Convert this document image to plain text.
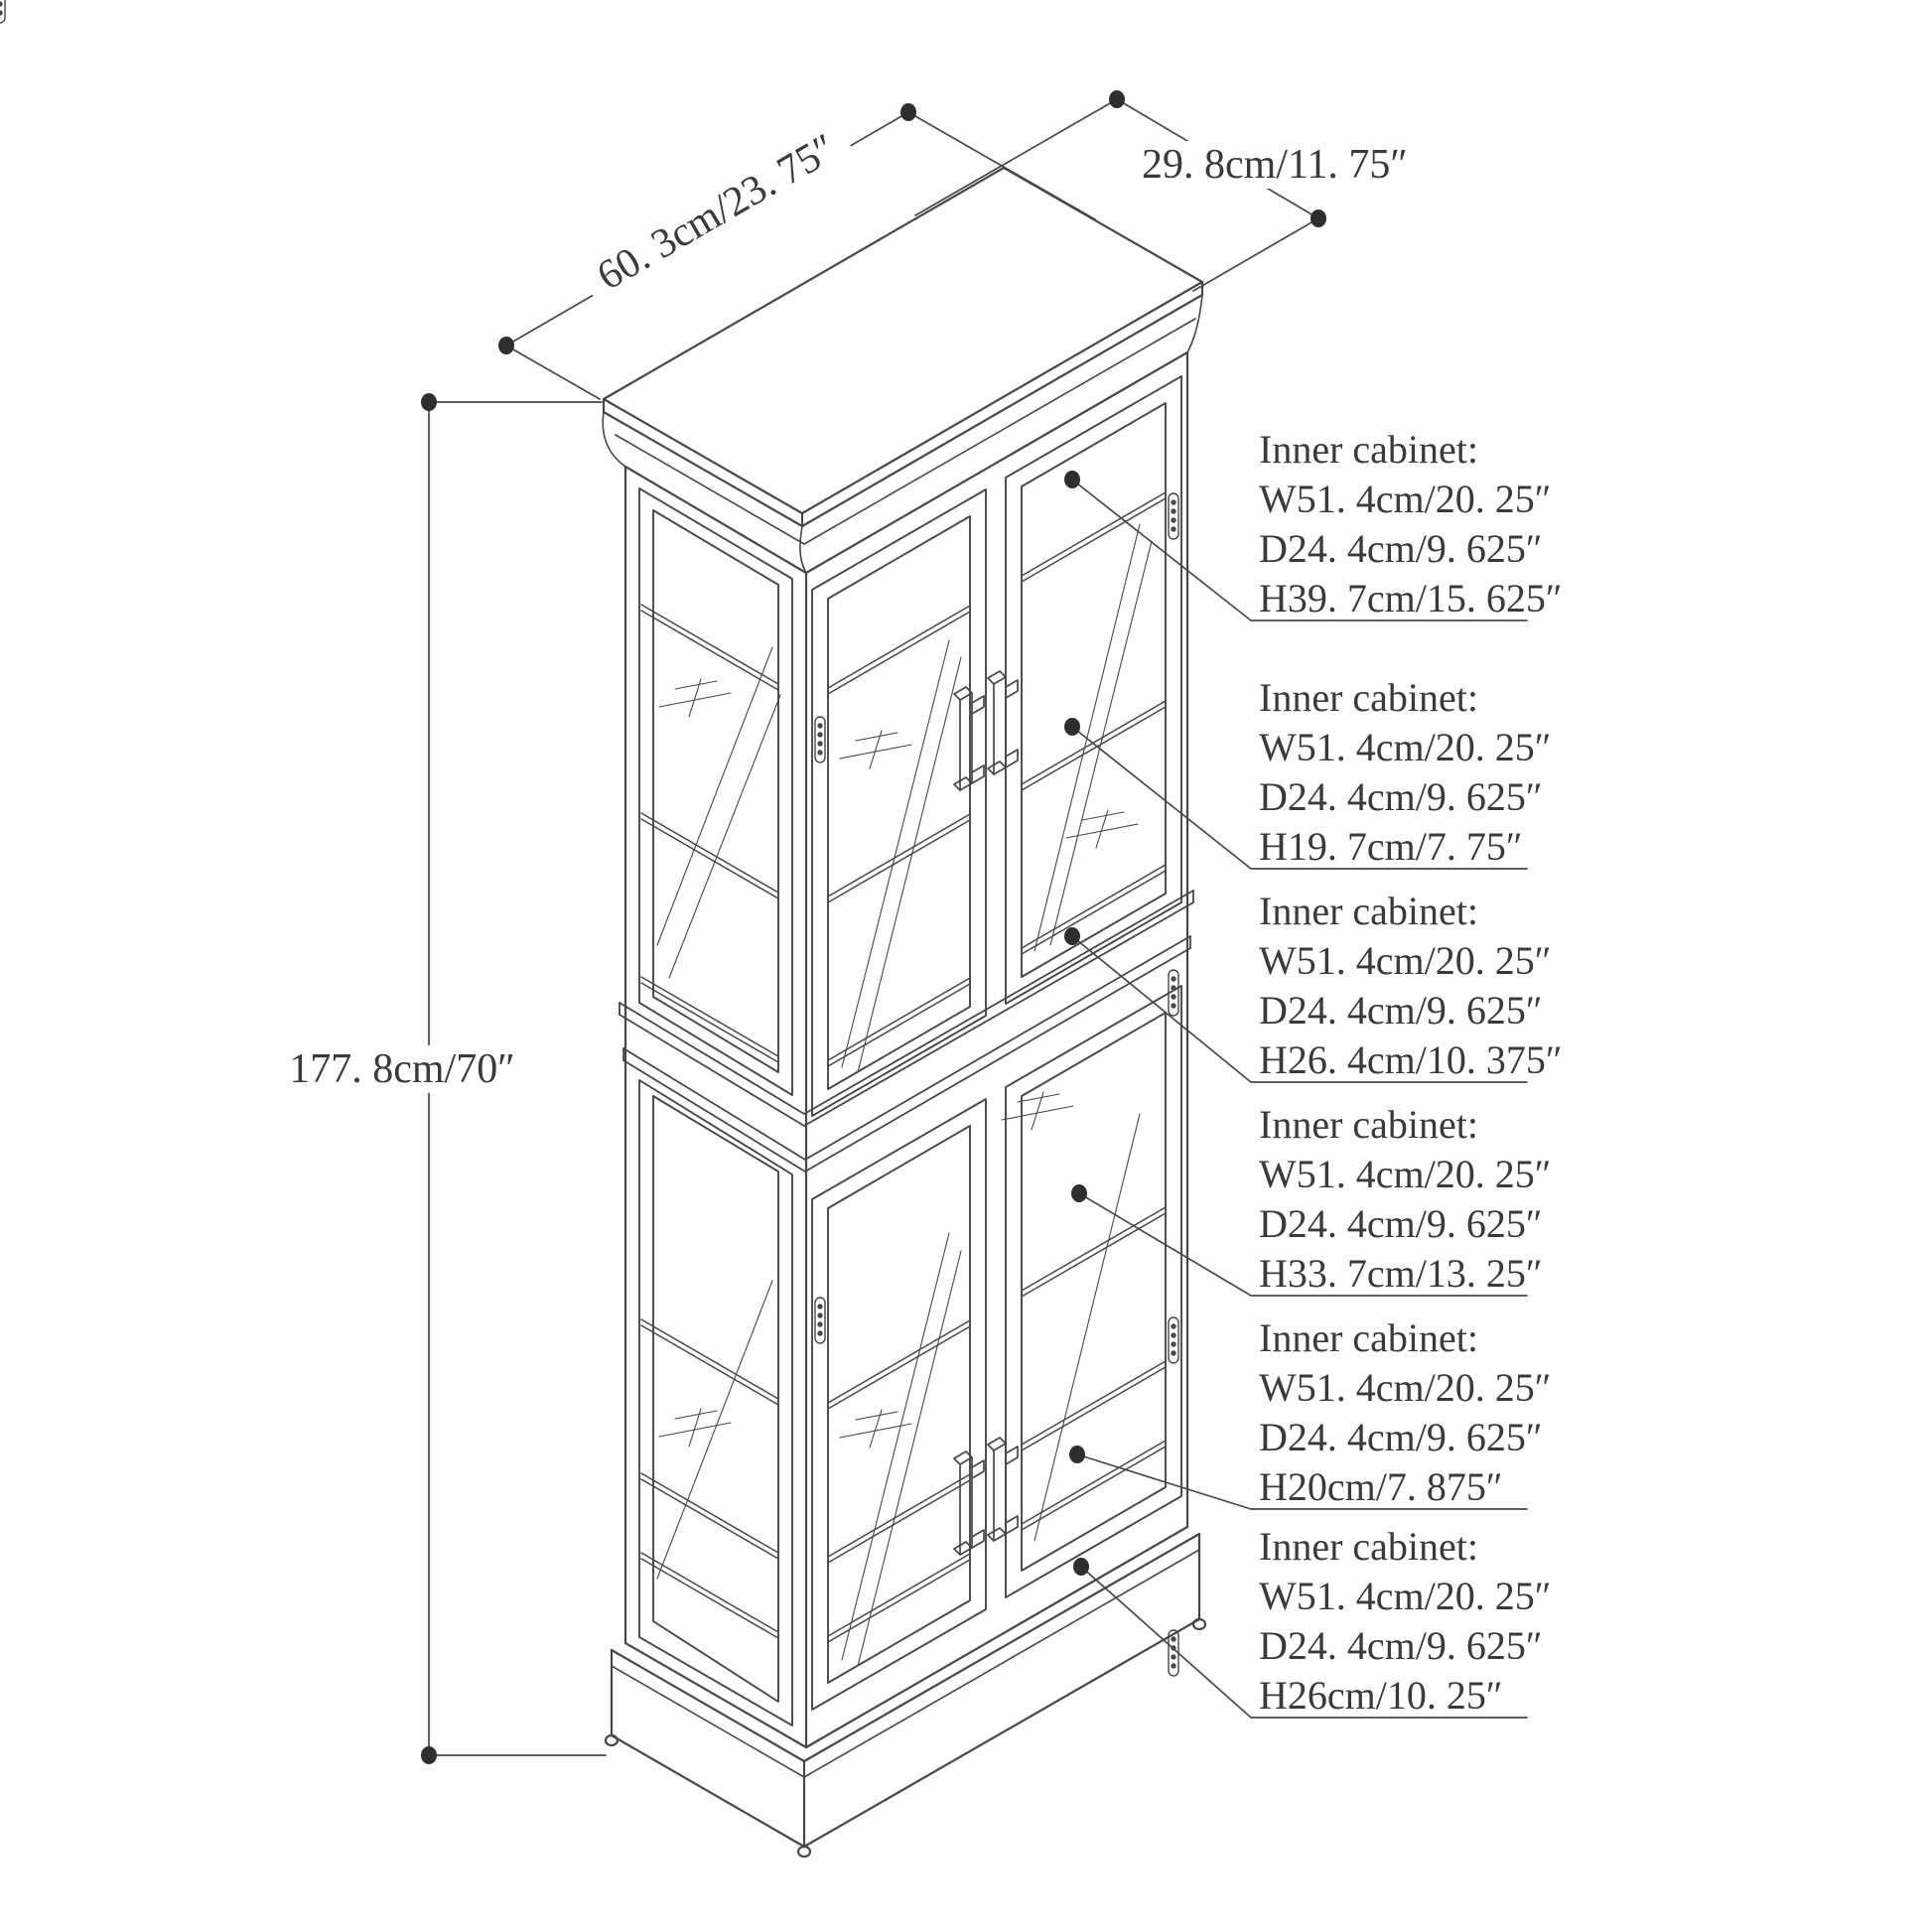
60. 3cm/23. 75″	29. 8cm/11. 75″
177. 8cm/70″
Inner cabinet:
W51. 4cm/20. 25″
D24. 4cm/9. 625″
H39. 7cm/15. 625″
Inner cabinet:
W51. 4cm/20. 25″
D24. 4cm/9. 625″
H19. 7cm/7. 75″
Inner cabinet:
W51. 4cm/20. 25″
D24. 4cm/9. 625″
H26. 4cm/10. 375″
Inner cabinet:
W51. 4cm/20. 25″
D24. 4cm/9. 625″
H33. 7cm/13. 25″
Inner cabinet:
W51. 4cm/20. 25″
D24. 4cm/9. 625″
H20cm/7. 875″
Inner cabinet:
W51. 4cm/20. 25″
D24. 4cm/9. 625″
H26cm/10. 25″
